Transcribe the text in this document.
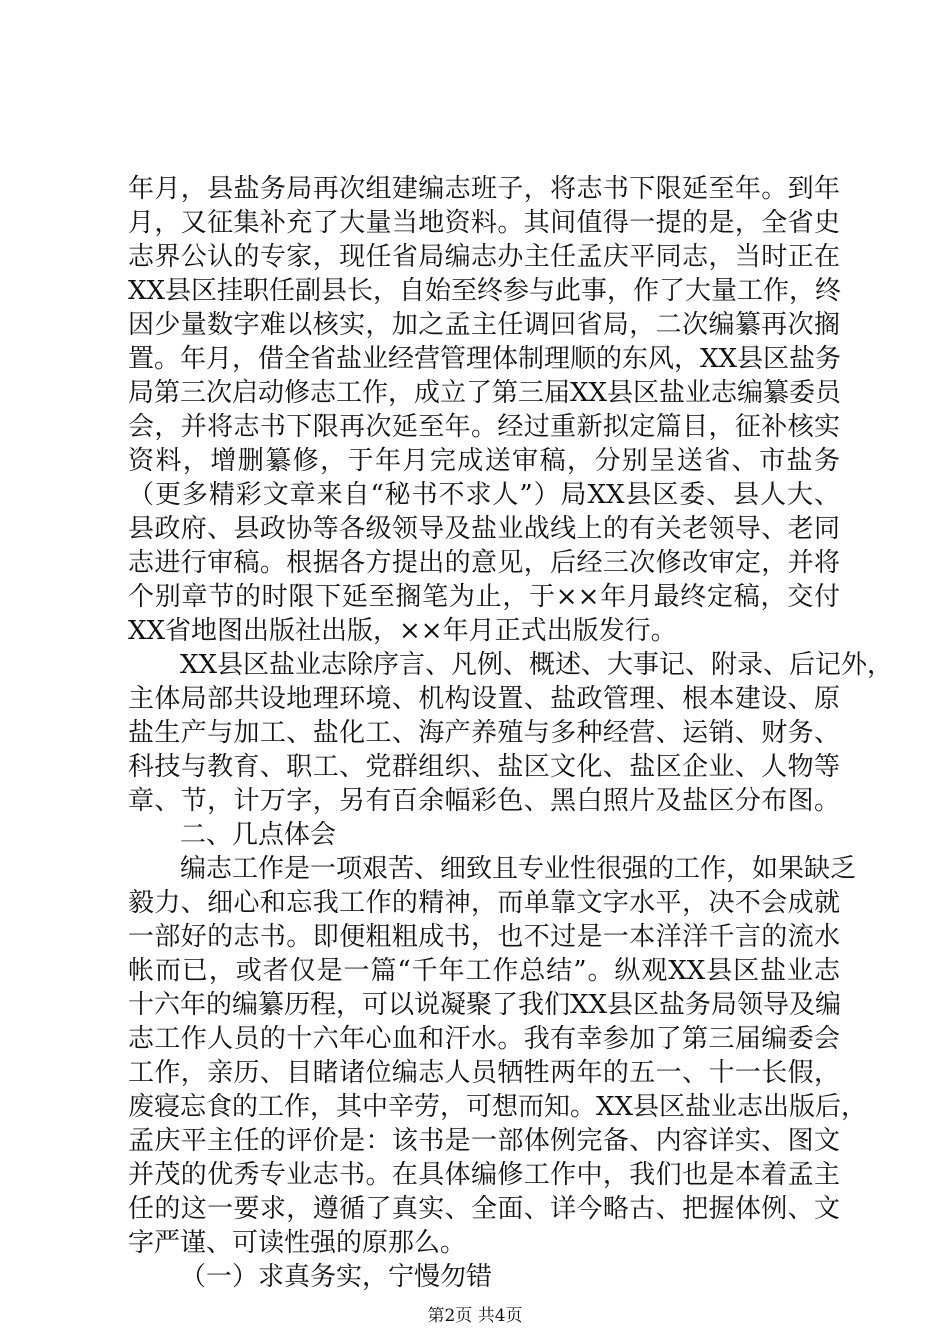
年月，县盐务局再次组建编志班子，将志书下限延至年。到年
月，又征集补充了大量当地资料。其间值得一提的是，全省史
志界公认的专家，现任省局编志办主任孟庆平同志，当时正在
XX县区挂职任副县长，自始至终参与此事，作了大量工作，终
因少量数字难以核实，加之孟主任调回省局，二次编纂再次搁
置。年月，借全省盐业经营管理体制理顺的东风，XX县区盐务
局第三次启动修志工作，成立了第三届XX县区盐业志编纂委员
会，并将志书下限再次延至年。经过重新拟定篇目，征补核实
资料，增删纂修，于年月完成送审稿，分别呈送省、市盐务
（更多精彩文章来自“秘书不求人”）局XX县区委、县人大、
县政府、县政协等各级领导及盐业战线上的有关老领导、老同
志进行审稿。根据各方提出的意见，后经三次修改审定，并将
个别章节的时限下延至搁笔为止，于××年月最终定稿，交付
XX省地图出版社出版，××年月正式出版发行。
XX县区盐业志除序言、凡例、概述、大事记、附录、后记外，
主体局部共设地理环境、机构设置、盐政管理、根本建设、原
盐生产与加工、盐化工、海产养殖与多种经营、运销、财务、
科技与教育、职工、党群组织、盐区文化、盐区企业、人物等
章、节，计万字，另有百余幅彩色、黑白照片及盐区分布图。
二、几点体会
编志工作是一项艰苦、细致且专业性很强的工作，如果缺乏
毅力、细心和忘我工作的精神，而单靠文字水平，决不会成就
一部好的志书。即便粗粗成书，也不过是一本洋洋千言的流水
帐而已，或者仅是一篇“千年工作总结”。纵观XX县区盐业志
十六年的编纂历程，可以说凝聚了我们XX县区盐务局领导及编
志工作人员的十六年心血和汗水。我有幸参加了第三届编委会
工作，亲历、目睹诸位编志人员牺牲两年的五一、十一长假，
废寝忘食的工作，其中辛劳，可想而知。XX县区盐业志出版后，
孟庆平主任的评价是：该书是一部体例完备、内容详实、图文
并茂的优秀专业志书。在具体编修工作中，我们也是本着孟主
任的这一要求，遵循了真实、全面、详今略古、把握体例、文
字严谨、可读性强的原那么。
（一）求真务实，宁慢勿错
第2页 共4页
